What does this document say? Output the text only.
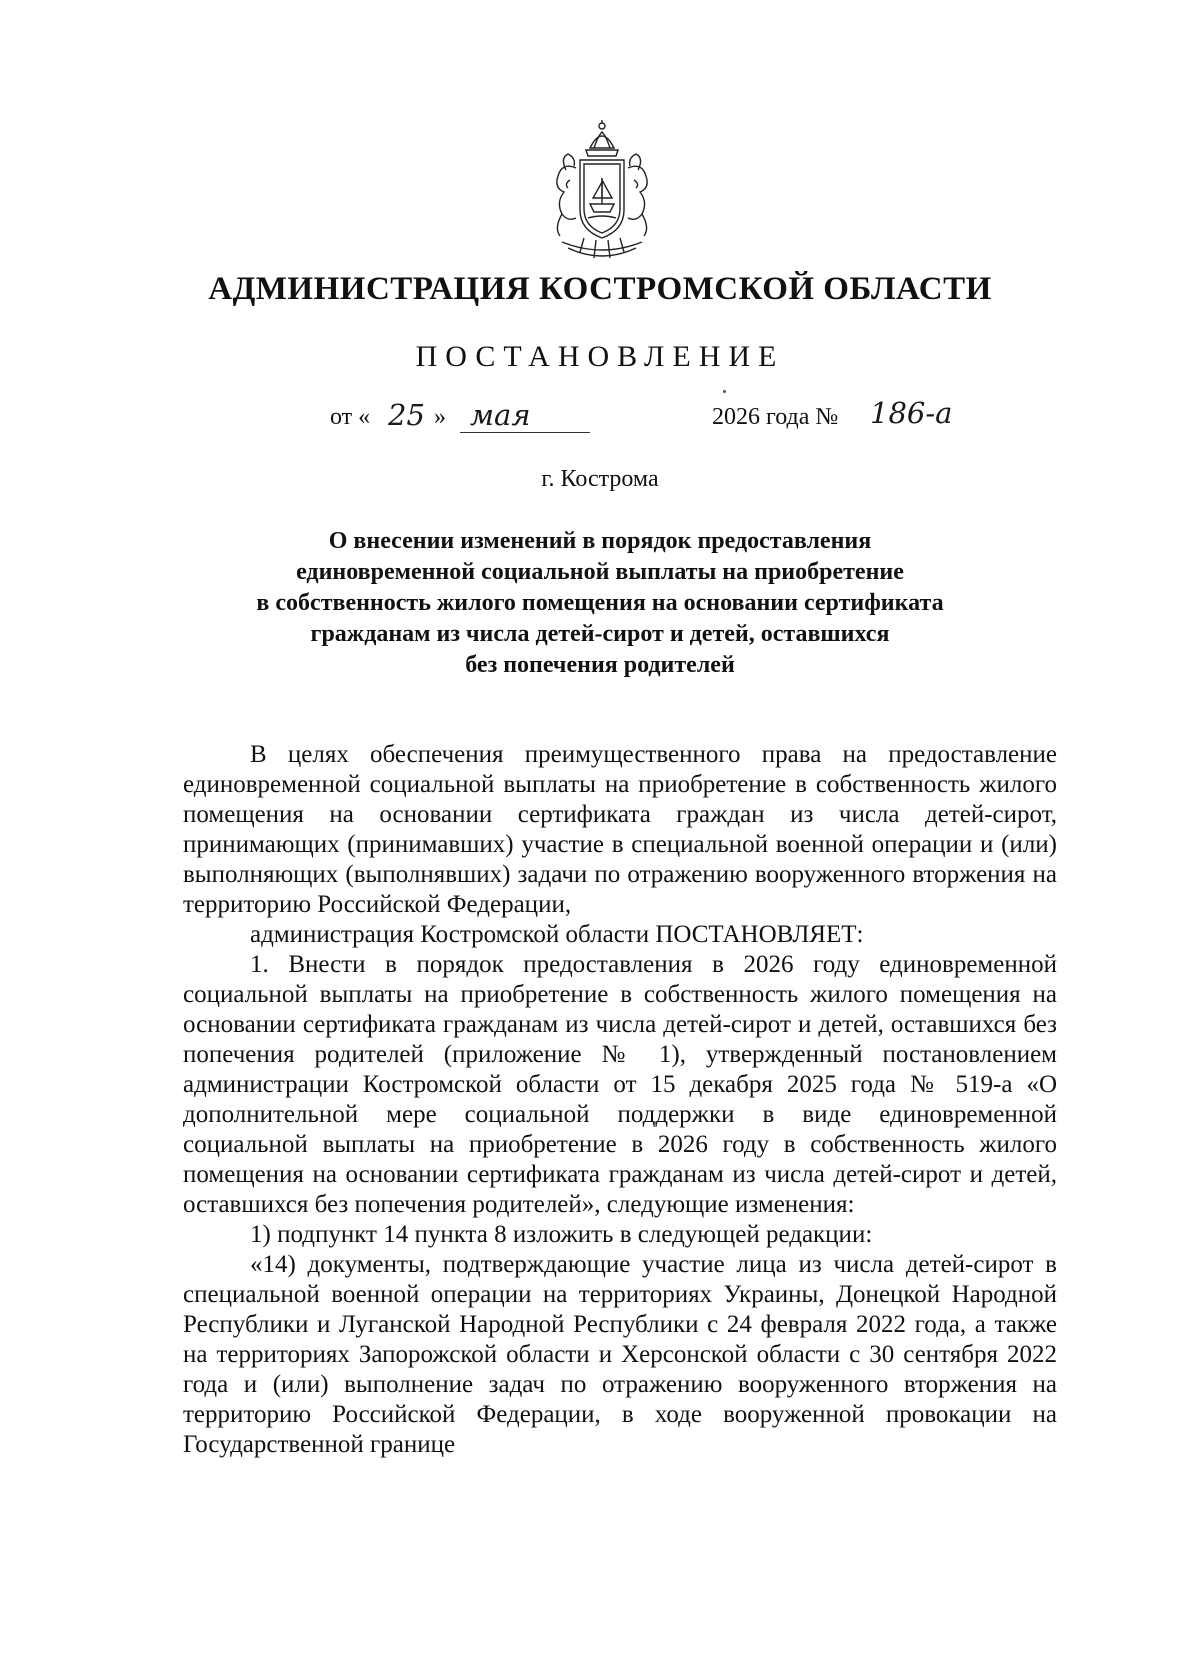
АДМИНИСТРАЦИЯ КОСТРОМСКОЙ ОБЛАСТИ
ПОСТАНОВЛЕНИЕ
от « 25 » мая	2026 года № 186-а
г. Кострома
О внесении изменений в порядок предоставления
единовременной социальной выплаты на приобретение
в собственность жилого помещения на основании сертификата
гражданам из числа детей-сирот и детей, оставшихся
без попечения родителей

В целях обеспечения преимущественного права на предоставление единовременной социальной выплаты на приобретение в собственность жилого помещения на основании сертификата граждан из числа детей-сирот, принимающих (принимавших) участие в специальной военной операции и (или) выполняющих (выполнявших) задачи по отражению вооруженного вторжения на территорию Российской Федерации,

администрация Костромской области ПОСТАНОВЛЯЕТ:

1. Внести в порядок предоставления в 2026 году единовременной социальной выплаты на приобретение в собственность жилого помещения на основании сертификата гражданам из числа детей-сирот и детей, оставшихся без попечения родителей (приложение № 1), утвержденный постановлением администрации Костромской области от 15 декабря 2025 года № 519-а «О дополнительной мере социальной поддержки в виде единовременной социальной выплаты на приобретение в 2026 году в собственность жилого помещения на основании сертификата гражданам из числа детей-сирот и детей, оставшихся без попечения родителей», следующие изменения:

1) подпункт 14 пункта 8 изложить в следующей редакции:

«14) документы, подтверждающие участие лица из числа детей-сирот в специальной военной операции на территориях Украины, Донецкой Народной Республики и Луганской Народной Республики с 24 февраля 2022 года, а также на территориях Запорожской области и Херсонской области с 30 сентября 2022 года и (или) выполнение задач по отражению вооруженного вторжения на территорию Российской Федерации, в ходе вооруженной провокации на Государственной границе
